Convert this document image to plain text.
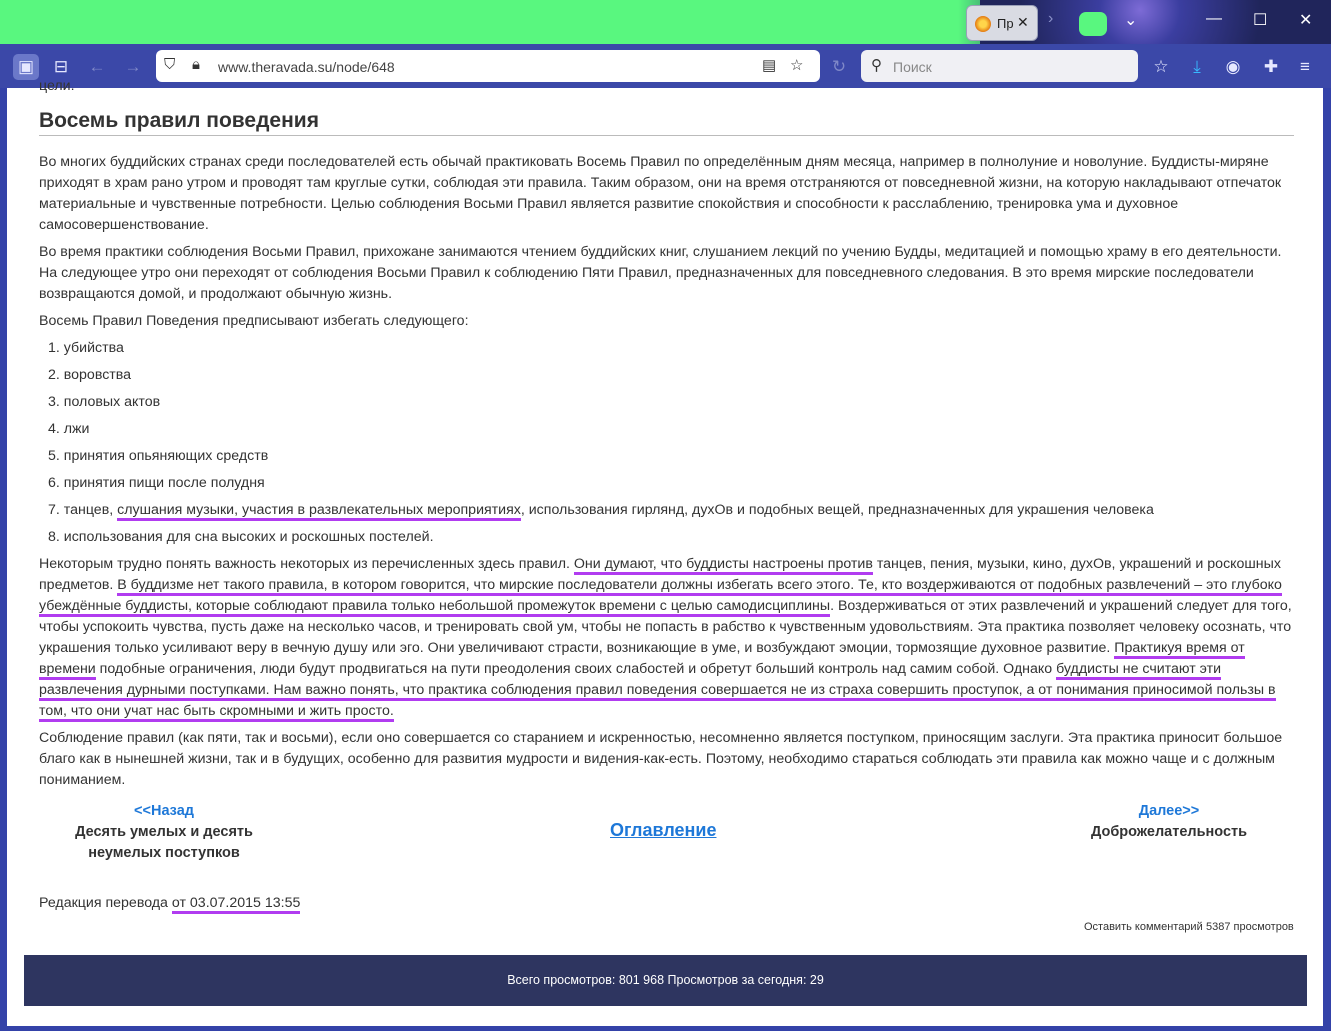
Пр ✕ ›	⌄	— ☐ ✕
▣	⊟	← →	↻	☆	⤓	◉	✚	≡
⛉ 🔒︎ www.theravada.su/node/648	▤ ☆	⚲ Поиск
цели.
Восемь правил поведения
Во многих буддийских странах среди последователей есть обычай практиковать Восемь Правил по определённым дням месяца, например в полнолуние и новолуние. Буддисты-миряне приходят в храм рано утром и проводят там круглые сутки, соблюдая эти правила. Таким образом, они на время отстраняются от повседневной жизни, на которую накладывают отпечаток материальные и чувственные потребности. Целью соблюдения Восьми Правил является развитие спокойствия и способности к расслаблению, тренировка ума и духовное самосовершенствование.
Во время практики соблюдения Восьми Правил, прихожане занимаются чтением буддийских книг, слушанием лекций по учению Будды, медитацией и помощью храму в его деятельности. На следующее утро они переходят от соблюдения Восьми Правил к соблюдению Пяти Правил, предназначенных для повседневного следования. В это время мирские последователи возвращаются домой, и продолжают обычную жизнь.
Восемь Правил Поведения предписывают избегать следующего:
1. убийства
2. воровства
3. половых актов
4. лжи
5. принятия опьяняющих средств
6. принятия пищи после полудня
7. танцев, слушания музыки, участия в развлекательных мероприятиях, использования гирлянд, духОв и подобных вещей, предназначенных для украшения человека
8. использования для сна высоких и роскошных постелей.
Некоторым трудно понять важность некоторых из перечисленных здесь правил. Они думают, что буддисты настроены против танцев, пения, музыки, кино, духОв, украшений и роскошных предметов. В буддизме нет такого правила, в котором говорится, что мирские последователи должны избегать всего этого. Те, кто воздерживаются от подобных развлечений – это глубоко убеждённые буддисты, которые соблюдают правила только небольшой промежуток времени с целью самодисциплины. Воздерживаться от этих развлечений и украшений следует для того, чтобы успокоить чувства, пусть даже на несколько часов, и тренировать свой ум, чтобы не попасть в рабство к чувственным удовольствиям. Эта практика позволяет человеку осознать, что украшения только усиливают веру в вечную душу или эго. Они увеличивают страсти, возникающие в уме, и возбуждают эмоции, тормозящие духовное развитие. Практикуя время от времени подобные ограничения, люди будут продвигаться на пути преодоления своих слабостей и обретут больший контроль над самим собой. Однако буддисты не считают эти развлечения дурными поступками. Нам важно понять, что практика соблюдения правил поведения совершается не из страха совершить проступок, а от понимания приносимой пользы в том, что они учат нас быть скромными и жить просто.
Соблюдение правил (как пяти, так и восьми), если оно совершается со старанием и искренностью, несомненно является поступком, приносящим заслуги. Эта практика приносит большое благо как в нынешней жизни, так и в будущих, особенно для развития мудрости и видения-как-есть. Поэтому, необходимо стараться соблюдать эти правила как можно чаще и с должным пониманием.
<<Назад
Десять умелых и десять
неумелых поступков
Оглавление
Далее>>
Доброжелательность
Редакция перевода от 03.07.2015 13:55
Оставить комментарий 5387 просмотров
Всего просмотров: 801 968 Просмотров за сегодня: 29
